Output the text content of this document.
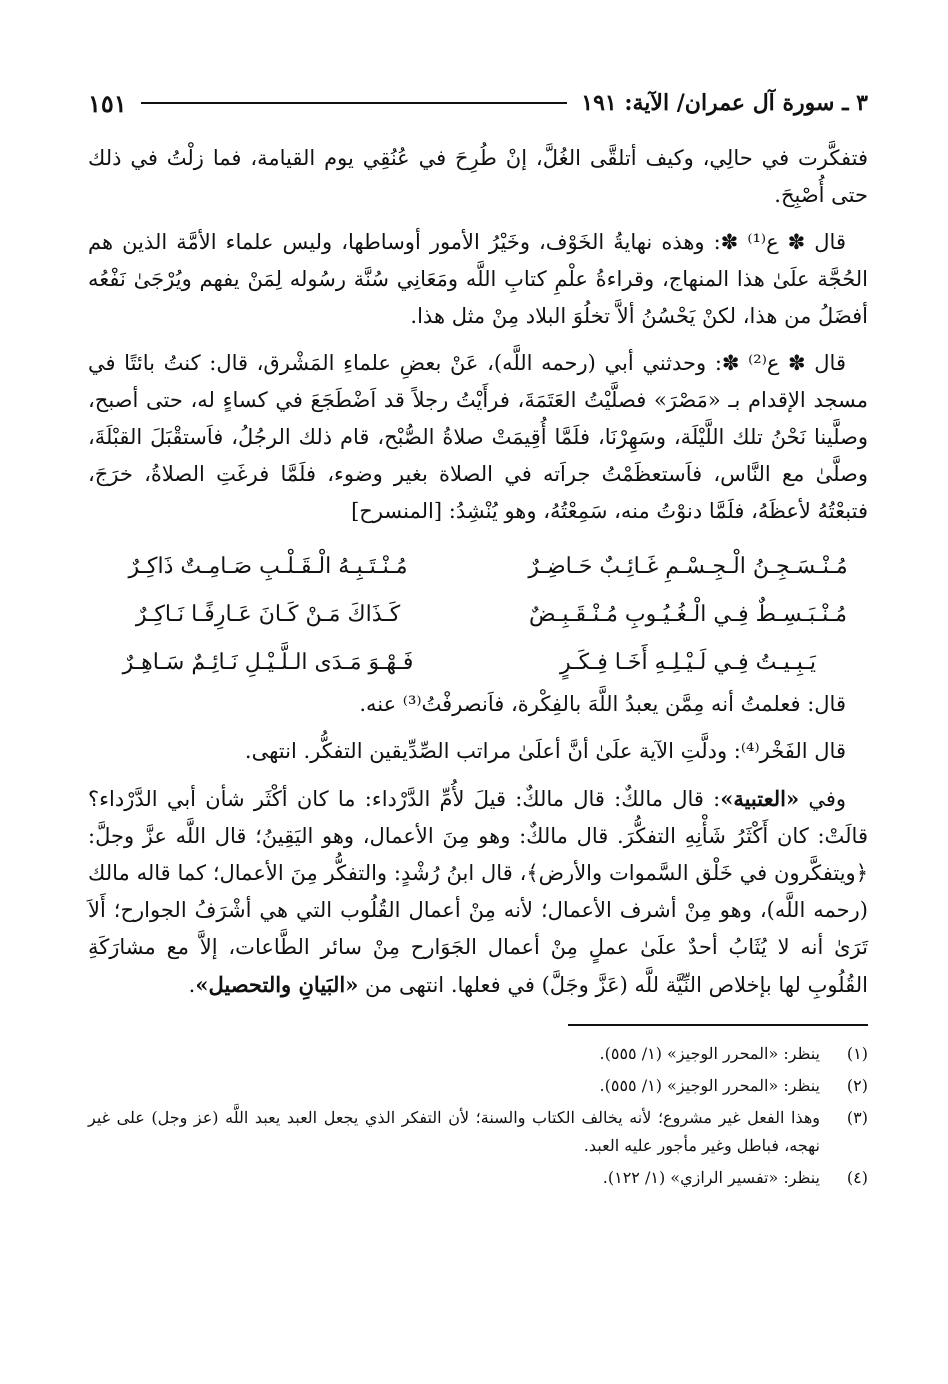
٣ ـ سورة آل عمران/ الآية: ١٩١
١٥١

فتفكَّرت في حالِي، وكيف أتلقَّى الغُلَّ، إنْ طُرِحَ في عُنُقِي يوم القيامة، فما زلْتُ في ذلك حتى أُصْبِحَ.

قال ✽ ع⁽¹⁾ ✽: وهذه نهايةُ الخَوْف، وخَيْرُ الأمور أوساطها، وليس علماء الأمَّة الذين هم الحُجَّة علَىٰ هذا المنهاج، وقراءةُ علْمِ كتابِ اللَّه ومَعَانِي سُنَّة رسُوله لِمَنْ يفهم ويُرْجَىٰ نَفْعُه أفضَلُ من هذا، لكنْ يَحْسُنُ ألاَّ تخلُوَ البلاد مِنْ مثل هذا.

قال ✽ ع⁽²⁾ ✽: وحدثني أبي (رحمه اللَّه)، عَنْ بعضِ علماءِ المَشْرق، قال: كنتُ بائتًا في مسجد الإقدام بـ «مَصْرَ» فصلَّيْتُ العَتَمَةَ، فرأَيْتُ رجلاً قد اَضْطَجَعَ في كساءٍ له، حتى أصبح، وصلَّينا نَحْنُ تلك اللَّيْلَة، وسَهِرْنَا، فلَمَّا أُقِيمَتْ صلاةُ الصُّبْح، قام ذلك الرجُلُ، فاَستقْبَلَ القبْلَةَ، وصلَّىٰ مع النَّاس، فاَستعظَمْتُ جراَته في الصلاة بغير وضوء، فلَمَّا فرغَتِ الصلاةُ، خرَجَ، فتبعْتُهُ لأعظَهُ، فلَمَّا دنوْتُ منه، سَمِعْتُهُ، وهو يُنْشِدُ: [المنسرح]

مُـنْـسَـجِـنُ الْـجِـسْـمِ غَـائِـبٌ حَـاضِـرٌ
مُـنْـتَـبِـهُ الْـقَـلْـبِ صَـامِـتٌ ذَاكِـرٌ
مُـنْـبَـسِـطٌ فِـي الْـغُـيُـوبِ مُـنْـقَـبِـضٌ
كَـذَاكَ مَـنْ كَـانَ عَـارِفًـا نَـاكِـرٌ
يَـبِـيـتُ فِـي لَـيْـلِـهِ أَخَـا فِـكَـرٍ
فَـهْـوَ مَـدَى الـلَّـيْـلِ نَـائِـمٌ سَـاهِـرٌ

قال: فعلمتُ أنه مِمَّن يعبدُ اللَّهَ بالفِكْرة، فاَنصرفْتُ⁽³⁾ عنه.

قال الفَخْر⁽⁴⁾: ودلَّتِ الآية علَىٰ أنَّ أعلَىٰ مراتب الصِّدِّيقين التفكُّر. انتهى.

وفي «العتبية»: قال مالكٌ: قال مالكٌ: قيلَ لأُمِّ الدَّرْداء: ما كان أكْثَر شأن أبي الدَّرْداء؟ قالَتْ: كان أَكْثَرُ شَأْنِهِ التفكُّرَ. قال مالكٌ: وهو مِنَ الأعمال، وهو اليَقِينُ؛ قال اللَّه عزَّ وجلَّ: ﴿ويتفكَّرون في خَلْق السَّموات والأرض﴾، قال ابنُ رُشْدٍ: والتفكُّر مِنَ الأعمال؛ كما قاله مالك (رحمه اللَّه)، وهو مِنْ أشرف الأعمال؛ لأنه مِنْ أعمال القُلُوب التي هي أشْرَفُ الجوارح؛ أَلاَ تَرَىٰ أنه لا يُثَابُ أحدٌ علَىٰ عملٍ مِنْ أعمال الجَوَارح مِنْ سائر الطَّاعات، إلاَّ مع مشارَكَةِ القُلُوبِ لها بإخلاص النِّيَّة للَّه (عَزَّ وجَلَّ) في فعلها. انتهى من «البَيانِ والتحصيل».

(١)
ينظر: «المحرر الوجيز» (١/ ٥٥٥).
(٢)
ينظر: «المحرر الوجيز» (١/ ٥٥٥).
(٣)
وهذا الفعل غير مشروع؛ لأنه يخالف الكتاب والسنة؛ لأن التفكر الذي يجعل العبد يعبد اللَّه (عز وجل) على غير نهجه، فباطل وغير مأجور عليه العبد.
(٤)
ينظر: «تفسير الرازي» (١/ ١٢٢).
